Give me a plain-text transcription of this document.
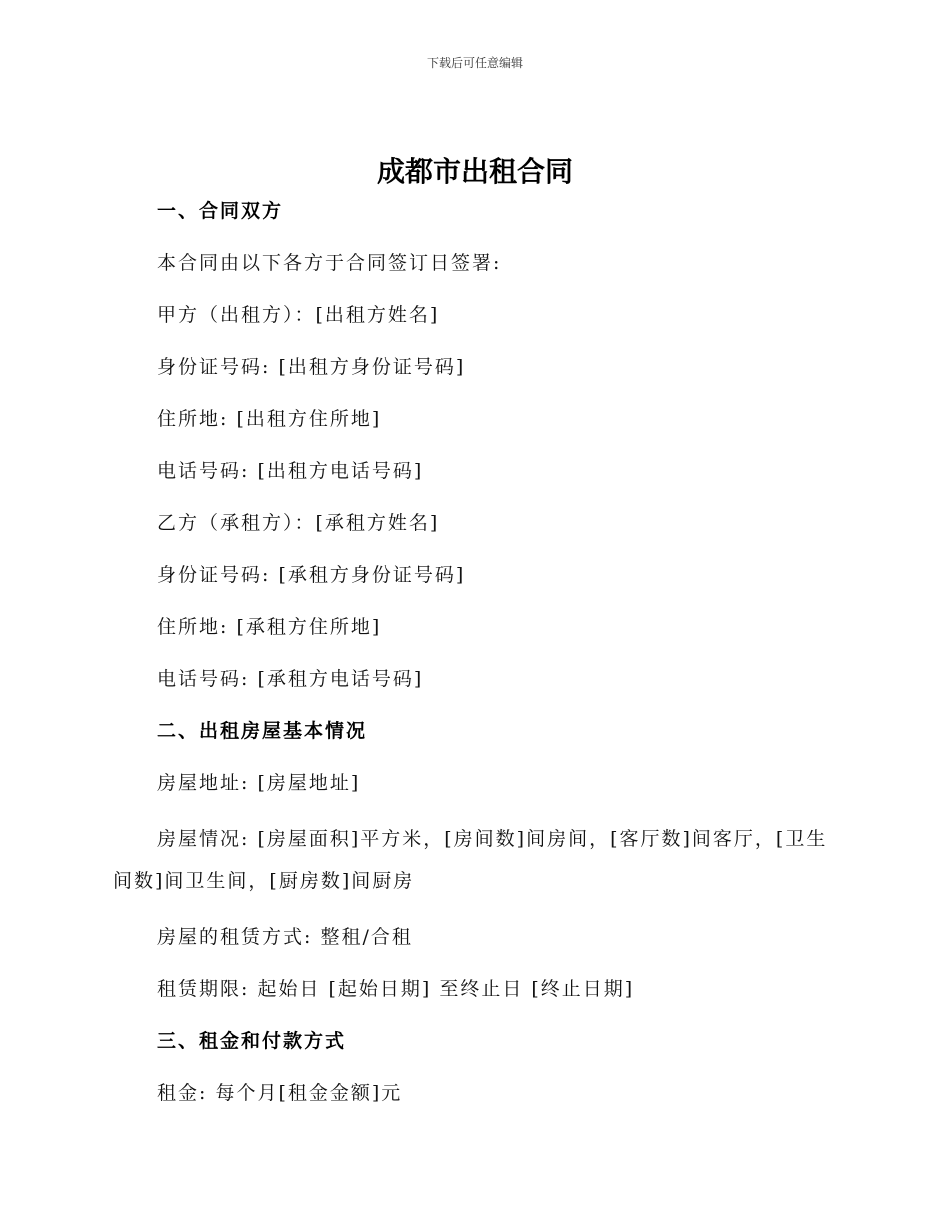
下载后可任意编辑
成都市出租合同
一、合同双方

本合同由以下各方于合同签订日签署:

甲方（出租方）：[出租方姓名]

身份证号码: [出租方身份证号码]

住所地: [出租方住所地]

电话号码: [出租方电话号码]

乙方（承租方）：[承租方姓名]

身份证号码: [承租方身份证号码]

住所地: [承租方住所地]

电话号码: [承租方电话号码]

二、出租房屋基本情况

房屋地址: [房屋地址]

房屋情况: [房屋面积]平方米，[房间数]间房间，[客厅数]间客厅，[卫生间数]间卫生间，[厨房数]间厨房

房屋的租赁方式: 整租/合租

租赁期限: 起始日 [起始日期] 至终止日 [终止日期]

三、租金和付款方式

租金: 每个月[租金金额]元
